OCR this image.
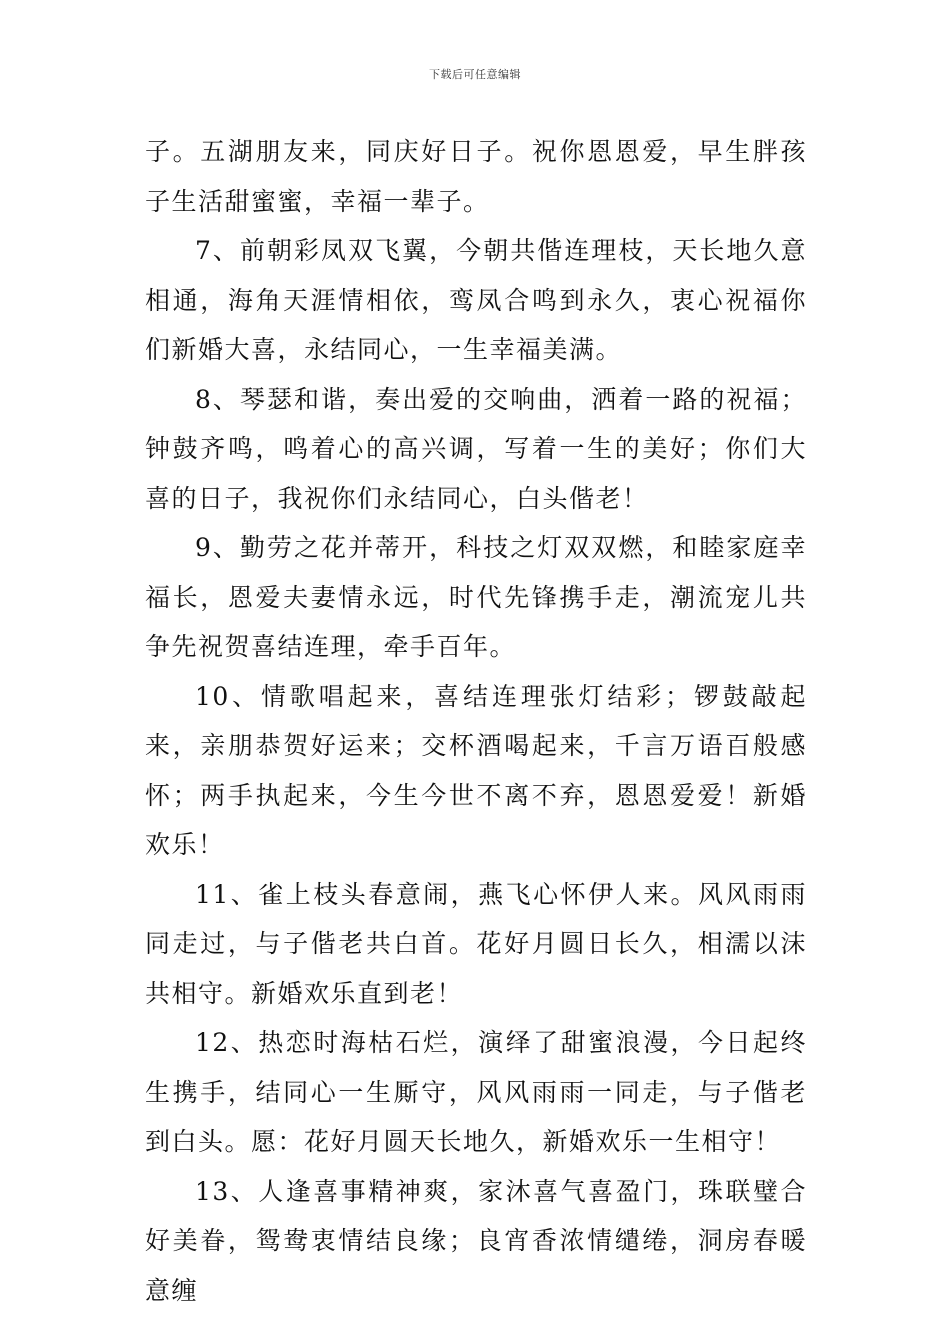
下载后可任意编辑

子。五湖朋友来，同庆好日子。祝你恩恩爱，早生胖孩子生活甜蜜蜜，幸福一辈子。

7、前朝彩凤双飞翼，今朝共偕连理枝，天长地久意相通，海角天涯情相依，鸾凤合鸣到永久，衷心祝福你们新婚大喜，永结同心，一生幸福美满。

8、琴瑟和谐，奏出爱的交响曲，洒着一路的祝福；钟鼓齐鸣，鸣着心的高兴调，写着一生的美好；你们大喜的日子，我祝你们永结同心，白头偕老！

9、勤劳之花并蒂开，科技之灯双双燃，和睦家庭幸福长，恩爱夫妻情永远，时代先锋携手走，潮流宠儿共争先祝贺喜结连理，牵手百年。

10、情歌唱起来，喜结连理张灯结彩；锣鼓敲起来，亲朋恭贺好运来；交杯酒喝起来，千言万语百般感怀；两手执起来，今生今世不离不弃，恩恩爱爱！新婚欢乐！

11、雀上枝头春意闹，燕飞心怀伊人来。风风雨雨同走过，与子偕老共白首。花好月圆日长久，相濡以沫共相守。新婚欢乐直到老！

12、热恋时海枯石烂，演绎了甜蜜浪漫，今日起终生携手，结同心一生厮守，风风雨雨一同走，与子偕老到白头。愿：花好月圆天长地久，新婚欢乐一生相守！

13、人逢喜事精神爽，家沐喜气喜盈门，珠联璧合好美眷，鸳鸯衷情结良缘；良宵香浓情缱绻，洞房春暖意缠
